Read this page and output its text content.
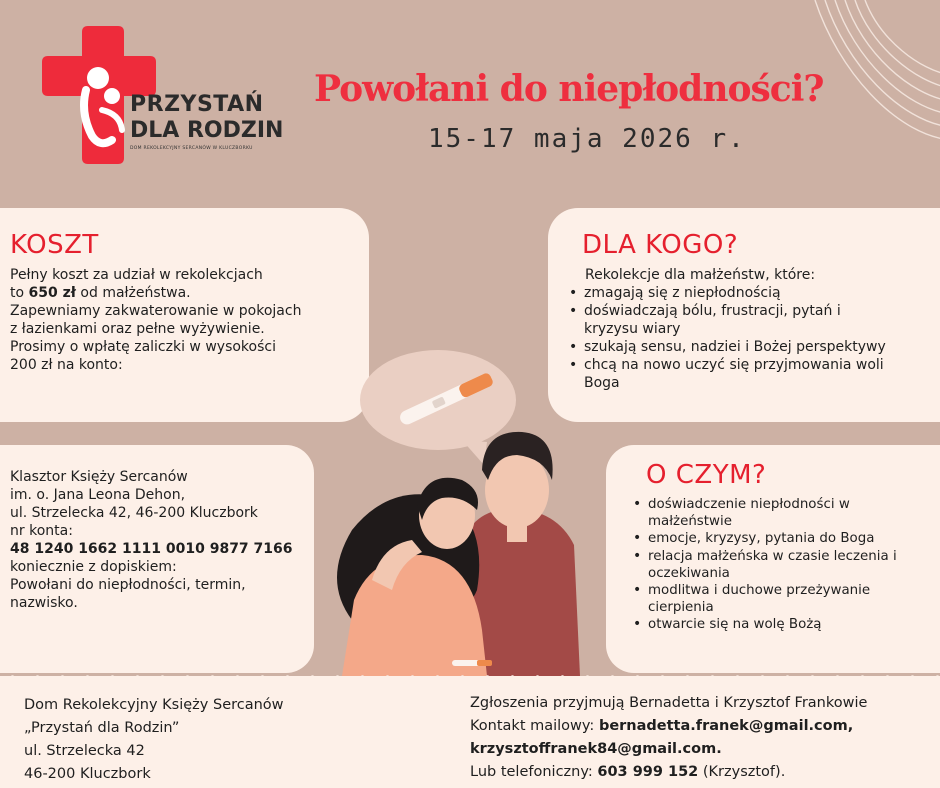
PRZYSTAŃ
DLA RODZIN
DOM REKOLEKCYJNY SERCANÓW W KLUCZBORKU
Powołani do niepłodności?
15-17 maja 2026 r.
KOSZT
Pełny koszt za udział w rekolekcjach
to 650 zł od małżeństwa.
Zapewniamy zakwaterowanie w pokojach
z łazienkami oraz pełne wyżywienie.
Prosimy o wpłatę zaliczki w wysokości
200 zł na konto:
DLA KOGO?
Rekolekcje dla małżeństw, które:
• zmagają się z niepłodnością
• doświadczają bólu, frustracji, pytań i kryzysu wiary
• szukają sensu, nadziei i Bożej perspektywy
• chcą na nowo uczyć się przyjmowania woli Boga
Klasztor Księży Sercanów
im. o. Jana Leona Dehon,
ul. Strzelecka 42, 46-200 Kluczbork
nr konta:
48 1240 1662 1111 0010 9877 7166
koniecznie z dopiskiem:
Powołani do niepłodności, termin,
nazwisko.
O CZYM?
• doświadczenie niepłodności w małżeństwie
• emocje, kryzysy, pytania do Boga
• relacja małżeńska w czasie leczenia i oczekiwania
• modlitwa i duchowe przeżywanie cierpienia
• otwarcie się na wolę Bożą
Dom Rekolekcyjny Księży Sercanów
„Przystań dla Rodzin”
ul. Strzelecka 42
46-200 Kluczbork
Zgłoszenia przyjmują Bernadetta i Krzysztof Frankowie
Kontakt mailowy: bernadetta.franek@gmail.com,
krzysztoffranek84@gmail.com.
Lub telefoniczny: 603 999 152 (Krzysztof).
